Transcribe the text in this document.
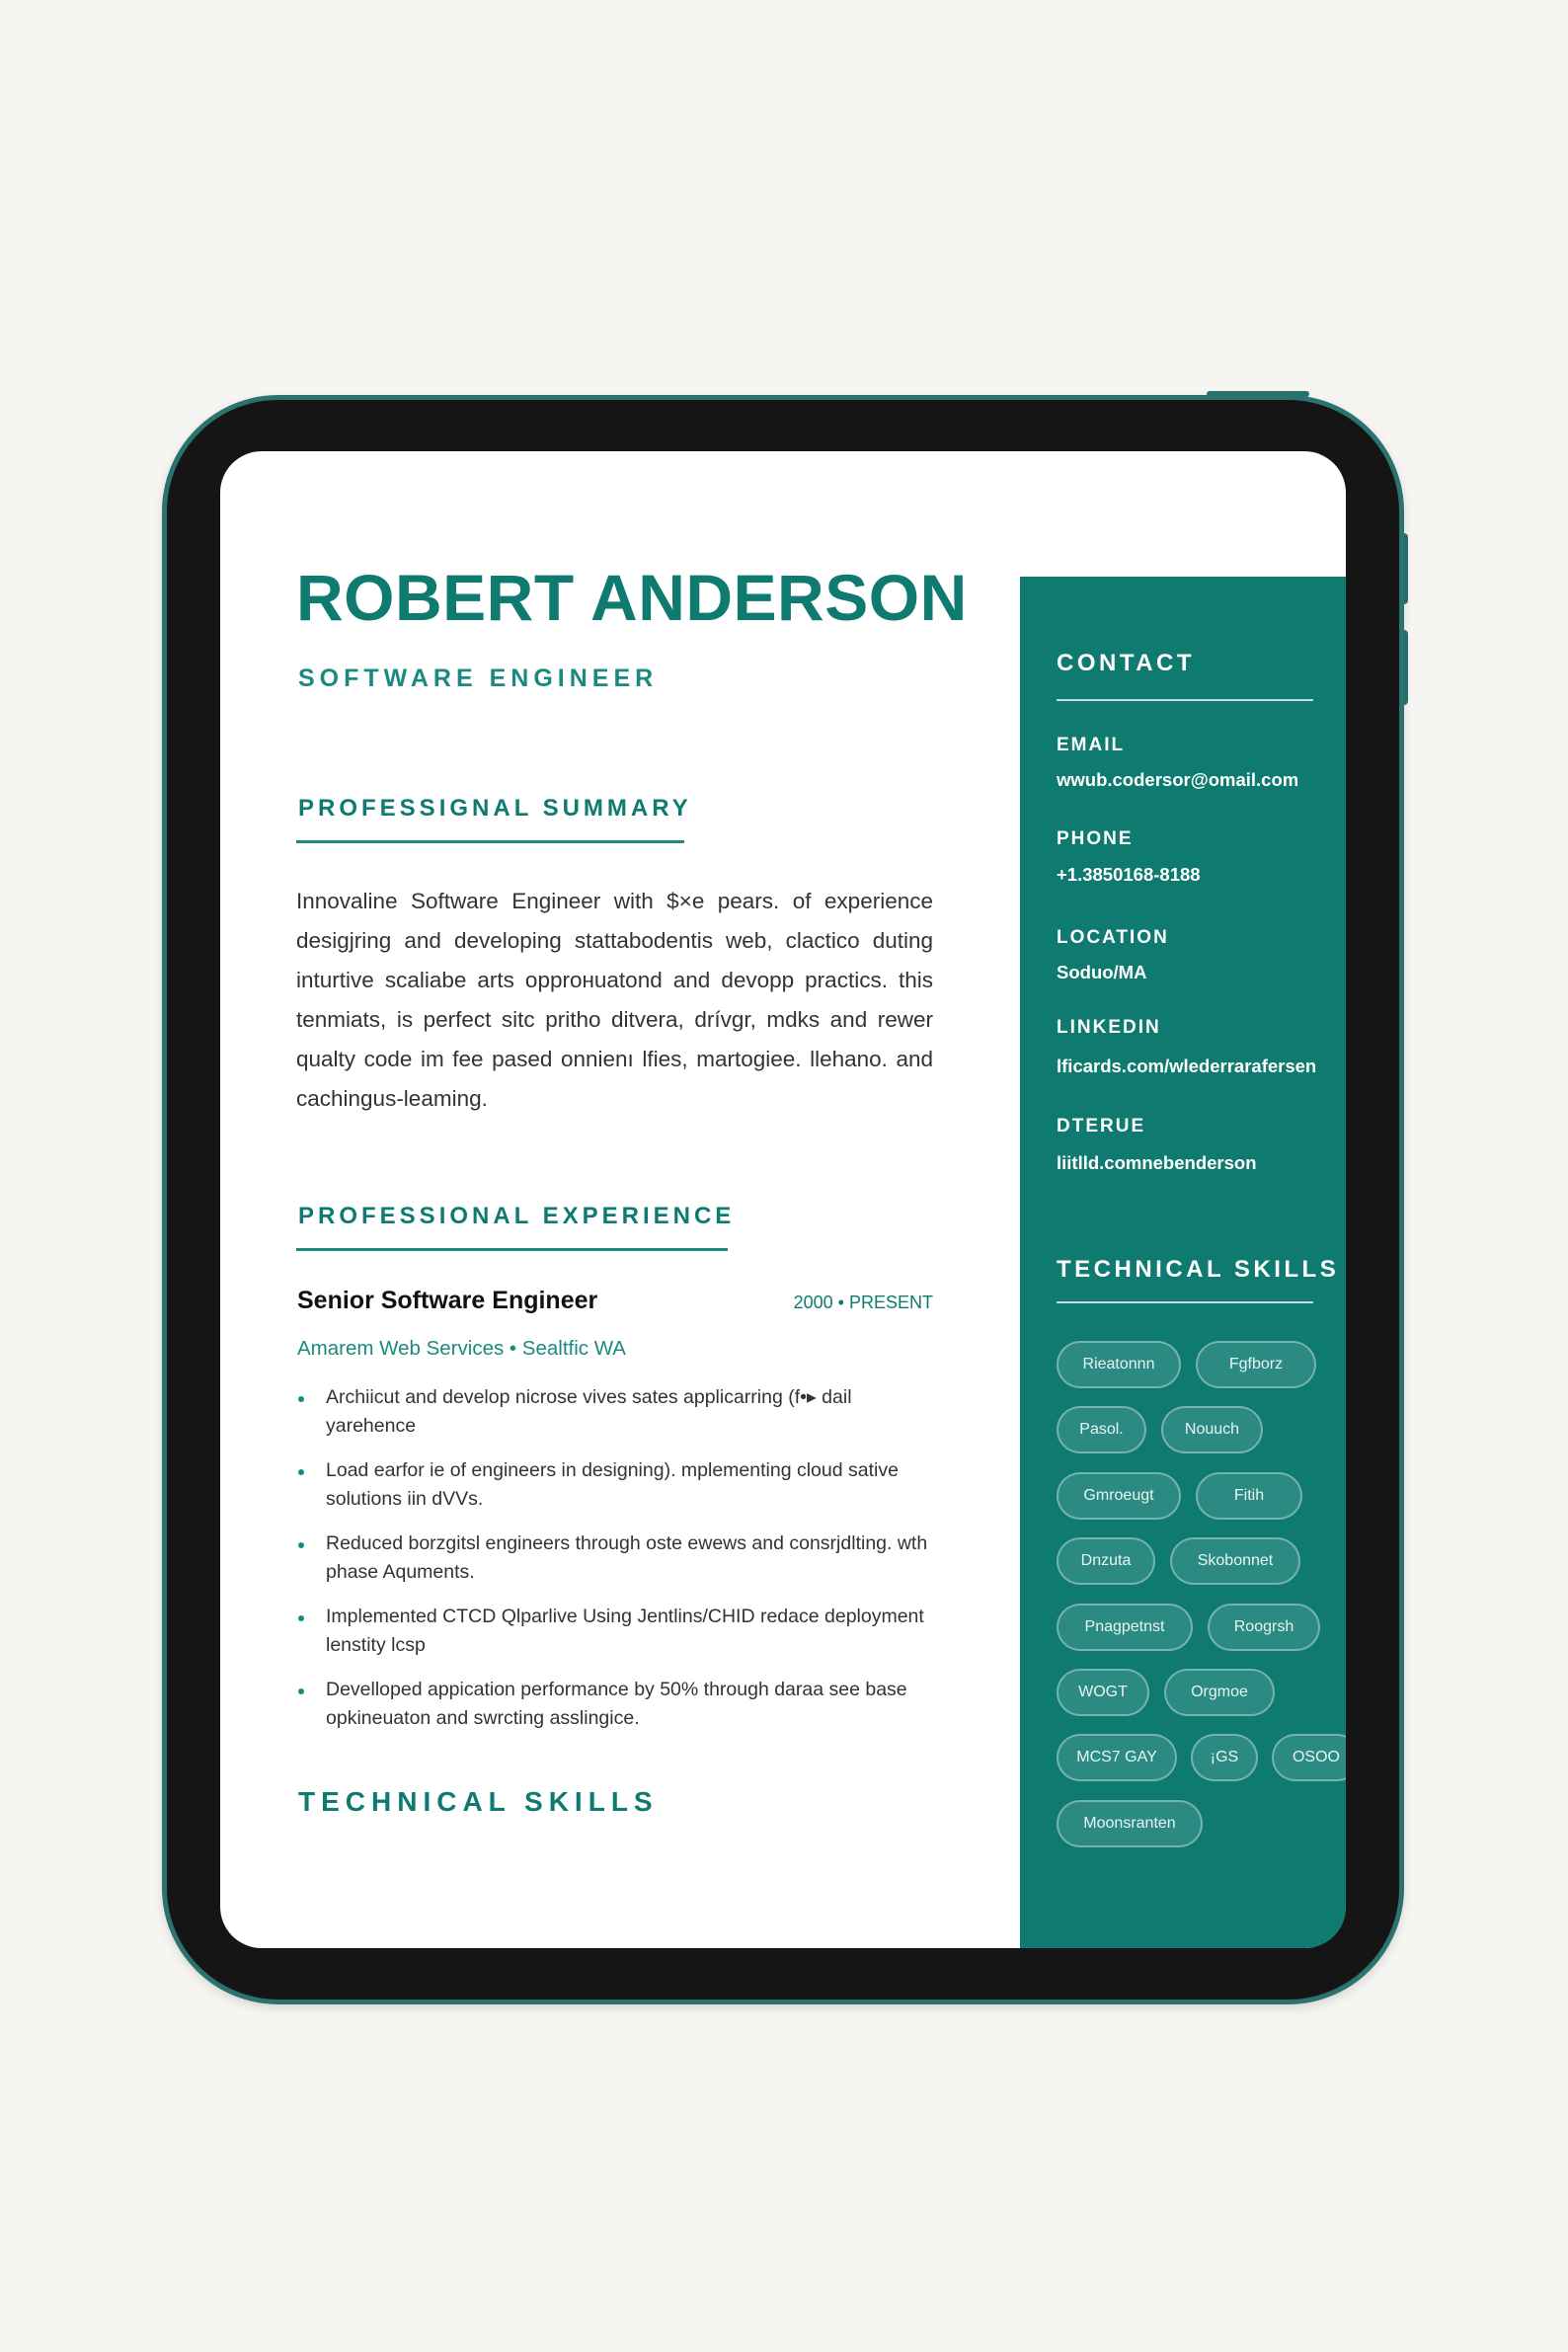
ROBERT ANDERSON
SOFTWARE ENGINEER
PROFESSIGNAL SUMMARY

Innovaline Software Engineer with $×e pears. of experience desigjring and developing stattabodentis web, clactico duting inturtive scaliabe arts opprонuatond and devopp practics. this tenmiats, is perfect sitc pritho ditvera, drívgr, mdks and rewer qualty code im fee pased onnienı lfies, martogiee. llehano. and cachingus-leaming.

PROFESSIONAL EXPERIENCE
Senior Software Engineer	2000 • PRESENT
Amarem Web Services • Sealtfic WA
Archiicut and develop nicrose vives sates applicarring (f•▸ dail yarehence
Load earfor ie of engineers in designing). mplementing cloud sative solutions iin dVVs.
Reduced borzgitsl engineers through oste ewews and consrjdlting. wth phase Aquments.
Implemented CTCD Qlparlive Using Jentlins/CHID redace deployment lenstity lcsp
Develloped appication performance by 50% through daraa see base opkineuaton and swrcting asslingice.
TECHNICAL SKILLS
CONTACT
EMAIL
wwub.codersor@omail.com
PHONE
+1.3850168-8188
LOCATION
Soduo/MA
LINKEDIN
lficards.com/wlederrarafersen
DTERUE
liitlld.comnebenderson
TECHNICAL SKILLS
Rieatonnn	Fgfborz
Pasol.	Nouuch
Gmroeugt	Fitih
Dnzuta	Skobonnet
Pnagpetnst	Roogrsh
WOGT	Orgmoe
MCS7 GAY	¡GS	OSOO
Moonsranten
